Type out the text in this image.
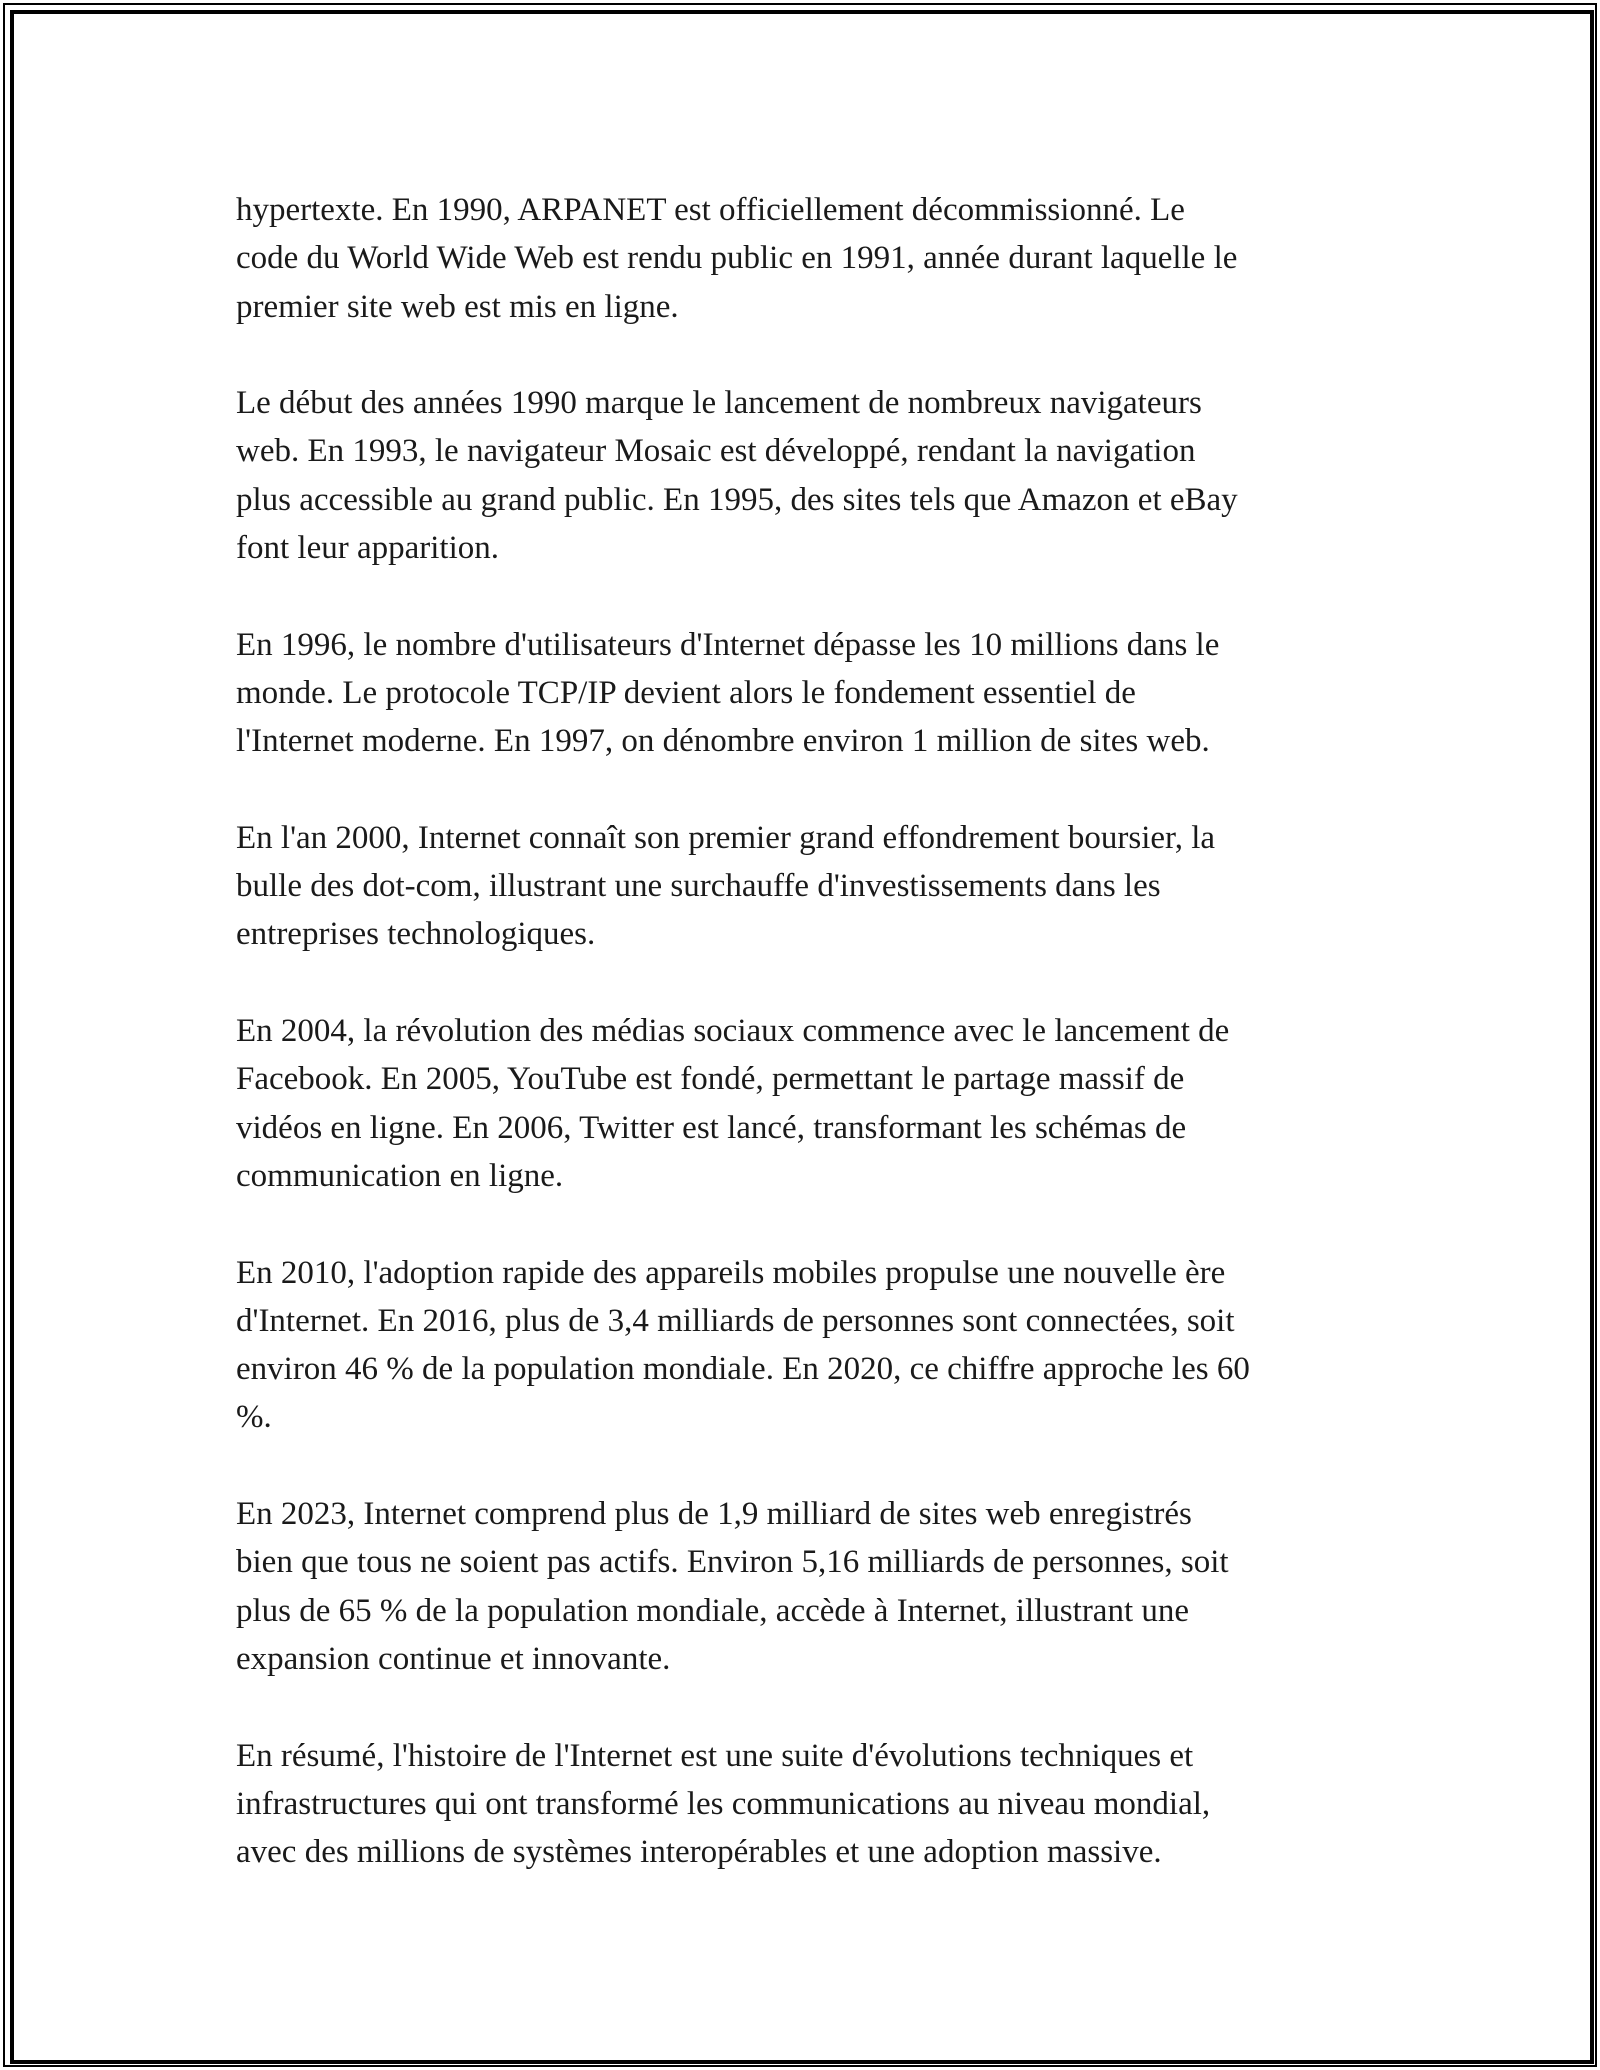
hypertexte. En 1990, ARPANET est officiellement décommissionné. Le
code du World Wide Web est rendu public en 1991, année durant laquelle le
premier site web est mis en ligne.

Le début des années 1990 marque le lancement de nombreux navigateurs
web. En 1993, le navigateur Mosaic est développé, rendant la navigation
plus accessible au grand public. En 1995, des sites tels que Amazon et eBay
font leur apparition.

En 1996, le nombre d'utilisateurs d'Internet dépasse les 10 millions dans le
monde. Le protocole TCP/IP devient alors le fondement essentiel de
l'Internet moderne. En 1997, on dénombre environ 1 million de sites web.

En l'an 2000, Internet connaît son premier grand effondrement boursier, la
bulle des dot-com, illustrant une surchauffe d'investissements dans les
entreprises technologiques.

En 2004, la révolution des médias sociaux commence avec le lancement de
Facebook. En 2005, YouTube est fondé, permettant le partage massif de
vidéos en ligne. En 2006, Twitter est lancé, transformant les schémas de
communication en ligne.

En 2010, l'adoption rapide des appareils mobiles propulse une nouvelle ère
d'Internet. En 2016, plus de 3,4 milliards de personnes sont connectées, soit
environ 46 % de la population mondiale. En 2020, ce chiffre approche les 60
%.

En 2023, Internet comprend plus de 1,9 milliard de sites web enregistrés
bien que tous ne soient pas actifs. Environ 5,16 milliards de personnes, soit
plus de 65 % de la population mondiale, accède à Internet, illustrant une
expansion continue et innovante.

En résumé, l'histoire de l'Internet est une suite d'évolutions techniques et
infrastructures qui ont transformé les communications au niveau mondial,
avec des millions de systèmes interopérables et une adoption massive.
